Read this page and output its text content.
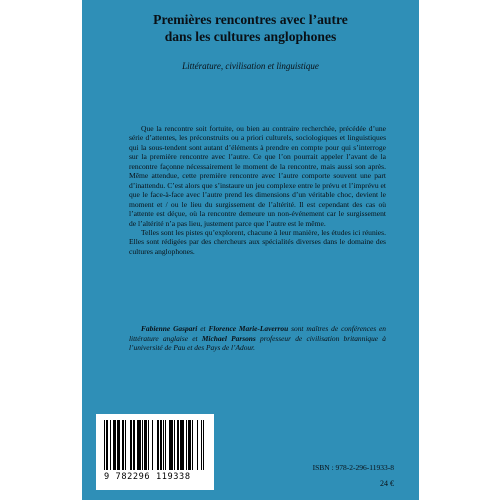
Premières rencontres avec l’autre
dans les cultures anglophones
Littérature, civilisation et linguistique

Que la rencontre soit fortuite, ou bien au contraire recherchée, précédée d’une série d’attentes, les préconstruits ou a priori culturels, sociologiques et linguistiques qui la sous-tendent sont autant d’éléments à prendre en compte pour qui s’interroge sur la première rencontre avec l’autre. Ce que l’on pourrait appeler l’avant de la rencontre façonne nécessairement le moment de la rencontre, mais aussi son après. Même attendue, cette première rencontre avec l’autre comporte souvent une part d’inattendu. C’est alors que s’instaure un jeu complexe entre le prévu et l’imprévu et que le face-à-face avec l’autre prend les dimensions d’un véritable choc, devient le moment et / ou le lieu du surgissement de l’altérité. Il est cependant des cas où l’attente est déçue, où la rencontre demeure un non-événement car le surgissement de l’altérité n’a pas lieu, justement parce que l’autre est le même.

Telles sont les pistes qu’explorent, chacune à leur manière, les études ici réunies. Elles sont rédigées par des chercheurs aux spécialités diverses dans le domaine des cultures anglophones.

Fabienne Gaspari et Florence Marie-Laverrou sont maîtres de conférences en littérature anglaise et Michael Parsons professeur de civilisation britannique à l’université de Pau et des Pays de l’Adour.
9 782296 119338
ISBN : 978-2-296-11933-8
24 €
